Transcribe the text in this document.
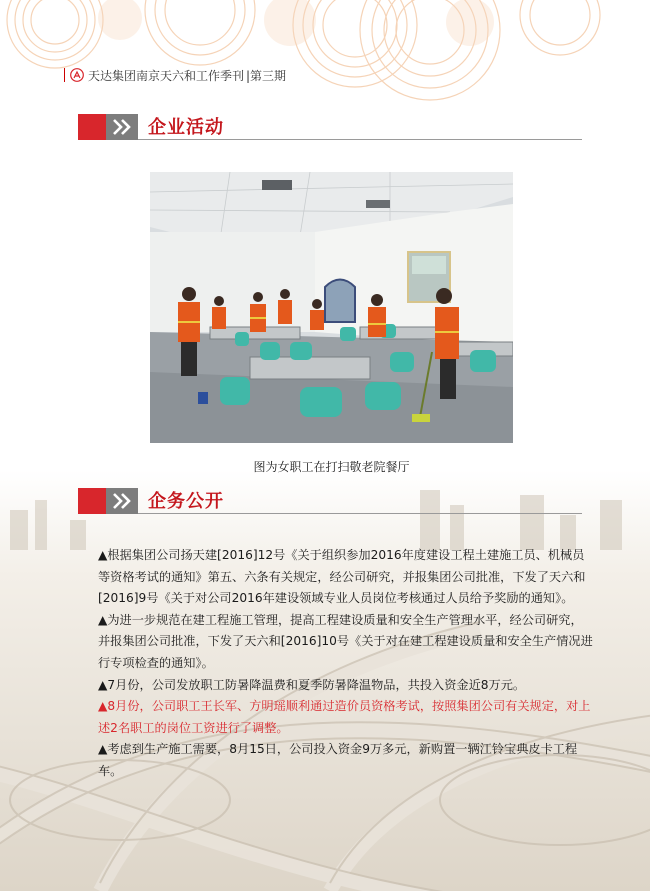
天达集团南京天六和工作季刊 |第三期
企业活动
图为女职工在打扫敬老院餐厅
企务公开

▲根据集团公司扬天建[2016]12号《关于组织参加2016年度建设工程土建施工员、机械员等资格考试的通知》第五、六条有关规定，经公司研究，并报集团公司批准，下发了天六和[2016]9号《关于对公司2016年建设领域专业人员岗位考核通过人员给予奖励的通知》。

▲为进一步规范在建工程施工管理，提高工程建设质量和安全生产管理水平，经公司研究，并报集团公司批准，下发了天六和[2016]10号《关于对在建工程建设质量和安全生产情况进行专项检查的通知》。

▲7月份，公司发放职工防暑降温费和夏季防暑降温物品，共投入资金近8万元。

▲8月份，公司职工王长军、方明瑶顺利通过造价员资格考试，按照集团公司有关规定，对上述2名职工的岗位工资进行了调整。

▲考虑到生产施工需要，8月15日，公司投入资金9万多元，新购置一辆江铃宝典皮卡工程车。
